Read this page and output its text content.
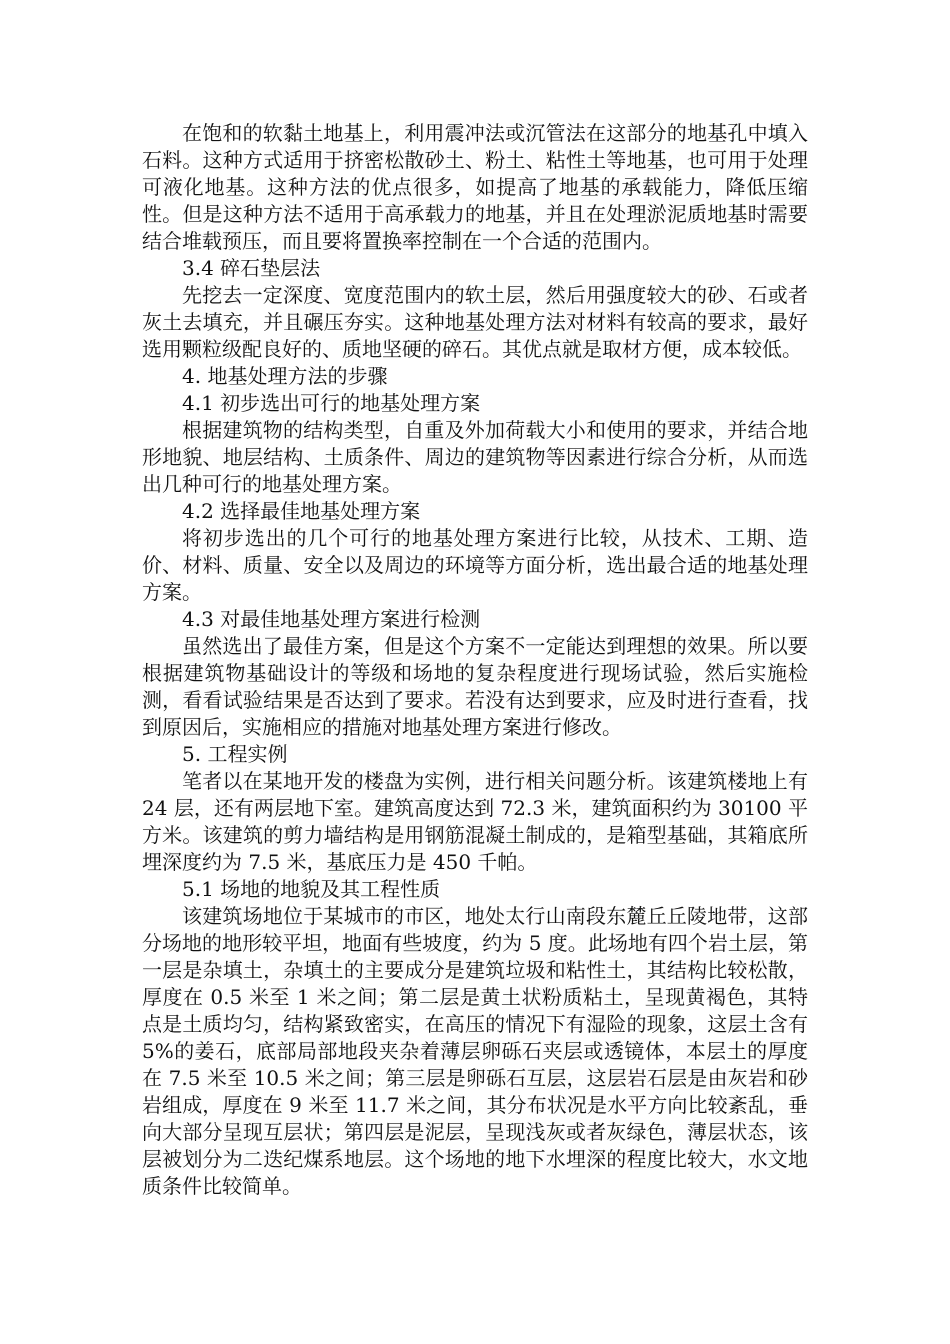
在饱和的软黏土地基上，利用震冲法或沉管法在这部分的地基孔中填入石料。这种方式适用于挤密松散砂土、粉土、粘性土等地基，也可用于处理可液化地基。这种方法的优点很多，如提高了地基的承载能力，降低压缩性。但是这种方法不适用于高承载力的地基，并且在处理淤泥质地基时需要结合堆载预压，而且要将置换率控制在一个合适的范围内。

3.4 碎石垫层法

先挖去一定深度、宽度范围内的软土层，然后用强度较大的砂、石或者灰土去填充，并且碾压夯实。这种地基处理方法对材料有较高的要求，最好选用颗粒级配良好的、质地坚硬的碎石。其优点就是取材方便，成本较低。

4. 地基处理方法的步骤

4.1 初步选出可行的地基处理方案

根据建筑物的结构类型，自重及外加荷载大小和使用的要求，并结合地形地貌、地层结构、土质条件、周边的建筑物等因素进行综合分析，从而选出几种可行的地基处理方案。

4.2 选择最佳地基处理方案

将初步选出的几个可行的地基处理方案进行比较，从技术、工期、造价、材料、质量、安全以及周边的环境等方面分析，选出最合适的地基处理方案。

4.3 对最佳地基处理方案进行检测

虽然选出了最佳方案，但是这个方案不一定能达到理想的效果。所以要根据建筑物基础设计的等级和场地的复杂程度进行现场试验，然后实施检测，看看试验结果是否达到了要求。若没有达到要求，应及时进行查看，找到原因后，实施相应的措施对地基处理方案进行修改。

5. 工程实例

笔者以在某地开发的楼盘为实例，进行相关问题分析。该建筑楼地上有 24 层，还有两层地下室。建筑高度达到 72.3 米，建筑面积约为 30100 平方米。该建筑的剪力墙结构是用钢筋混凝土制成的，是箱型基础，其箱底所埋深度约为 7.5 米，基底压力是 450 千帕。

5.1 场地的地貌及其工程性质

该建筑场地位于某城市的市区，地处太行山南段东麓丘丘陵地带，这部分场地的地形较平坦，地面有些坡度，约为 5 度。此场地有四个岩土层，第一层是杂填土，杂填土的主要成分是建筑垃圾和粘性土，其结构比较松散，厚度在 0.5 米至 1 米之间；第二层是黄土状粉质粘土，呈现黄褐色，其特点是土质均匀，结构紧致密实，在高压的情况下有湿险的现象，这层土含有 5%的姜石，底部局部地段夹杂着薄层卵砾石夹层或透镜体，本层土的厚度在 7.5 米至 10.5 米之间；第三层是卵砾石互层，这层岩石层是由灰岩和砂岩组成，厚度在 9 米至 11.7 米之间，其分布状况是水平方向比较紊乱，垂向大部分呈现互层状；第四层是泥层，呈现浅灰或者灰绿色，薄层状态，该层被划分为二迭纪煤系地层。这个场地的地下水埋深的程度比较大，水文地质条件比较简单。
